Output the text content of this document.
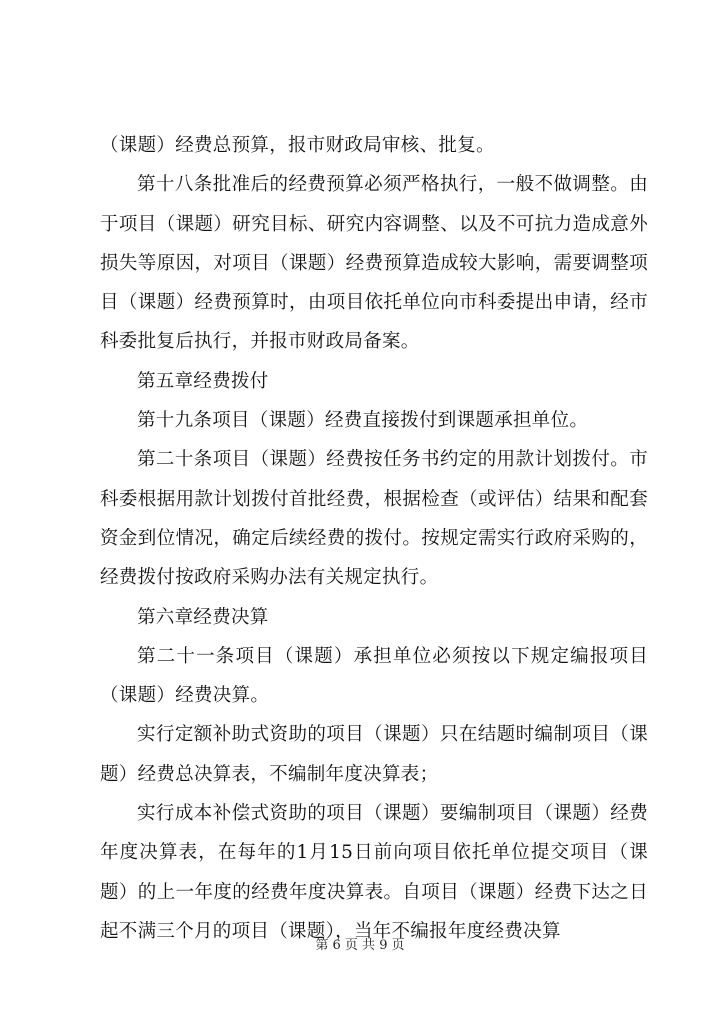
（课题）经费总预算，报市财政局审核、批复。

第十八条批准后的经费预算必须严格执行，一般不做调整。由于项目（课题）研究目标、研究内容调整、以及不可抗力造成意外损失等原因，对项目（课题）经费预算造成较大影响，需要调整项目（课题）经费预算时，由项目依托单位向市科委提出申请，经市科委批复后执行，并报市财政局备案。

第五章经费拨付

第十九条项目（课题）经费直接拨付到课题承担单位。

第二十条项目（课题）经费按任务书约定的用款计划拨付。市科委根据用款计划拨付首批经费，根据检查（或评估）结果和配套资金到位情况，确定后续经费的拨付。按规定需实行政府采购的，经费拨付按政府采购办法有关规定执行。

第六章经费决算

第二十一条项目（课题）承担单位必须按以下规定编报项目（课题）经费决算。

实行定额补助式资助的项目（课题）只在结题时编制项目（课题）经费总决算表，不编制年度决算表；

实行成本补偿式资助的项目（课题）要编制项目（课题）经费年度决算表，在每年的1月15日前向项目依托单位提交项目（课题）的上一年度的经费年度决算表。自项目（课题）经费下达之日起不满三个月的项目（课题），当年不编报年度经费决算

第 6 页 共 9 页
